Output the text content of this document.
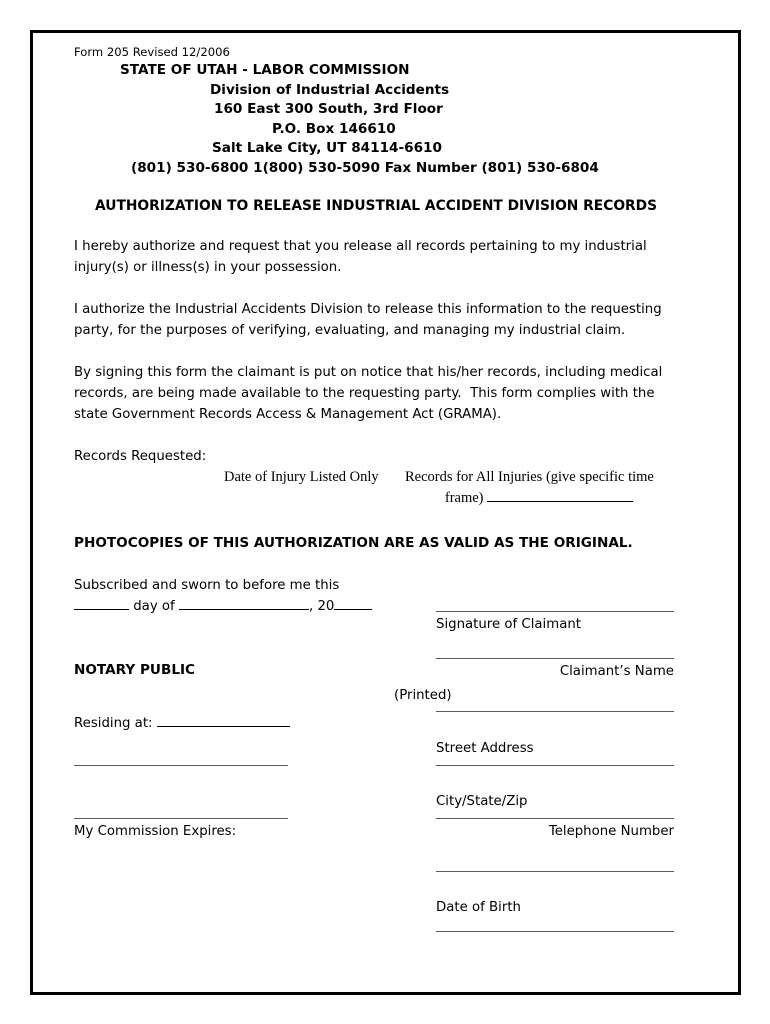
Form 205 Revised 12/2006
STATE OF UTAH - LABOR COMMISSION
Division of Industrial Accidents
160 East 300 South, 3rd Floor
P.O. Box 146610
Salt Lake City, UT 84114-6610
(801) 530-6800 1(800) 530-5090 Fax Number (801) 530-6804
AUTHORIZATION TO RELEASE INDUSTRIAL ACCIDENT DIVISION RECORDS

I hereby authorize and request that you release all records pertaining to my industrial injury(s) or illness(s) in your possession.

I authorize the Industrial Accidents Division to release this information to the requesting party, for the purposes of verifying, evaluating, and managing my industrial claim.

By signing this form the claimant is put on notice that his/her records, including medical records, are being made available to the requesting party.  This form complies with the state Government Records Access & Management Act (GRAMA).

Records Requested:
Date of Injury Listed Only Records for All Injuries (give specific time
frame)
PHOTOCOPIES OF THIS AUTHORIZATION ARE AS VALID AS THE ORIGINAL.
Subscribed and sworn to before me this
day of	, 20
Signature of Claimant
NOTARY PUBLIC	Claimant’s Name
(Printed)
Residing at:
Street Address
City/State/Zip
My Commission Expires:	Telephone Number
Date of Birth
